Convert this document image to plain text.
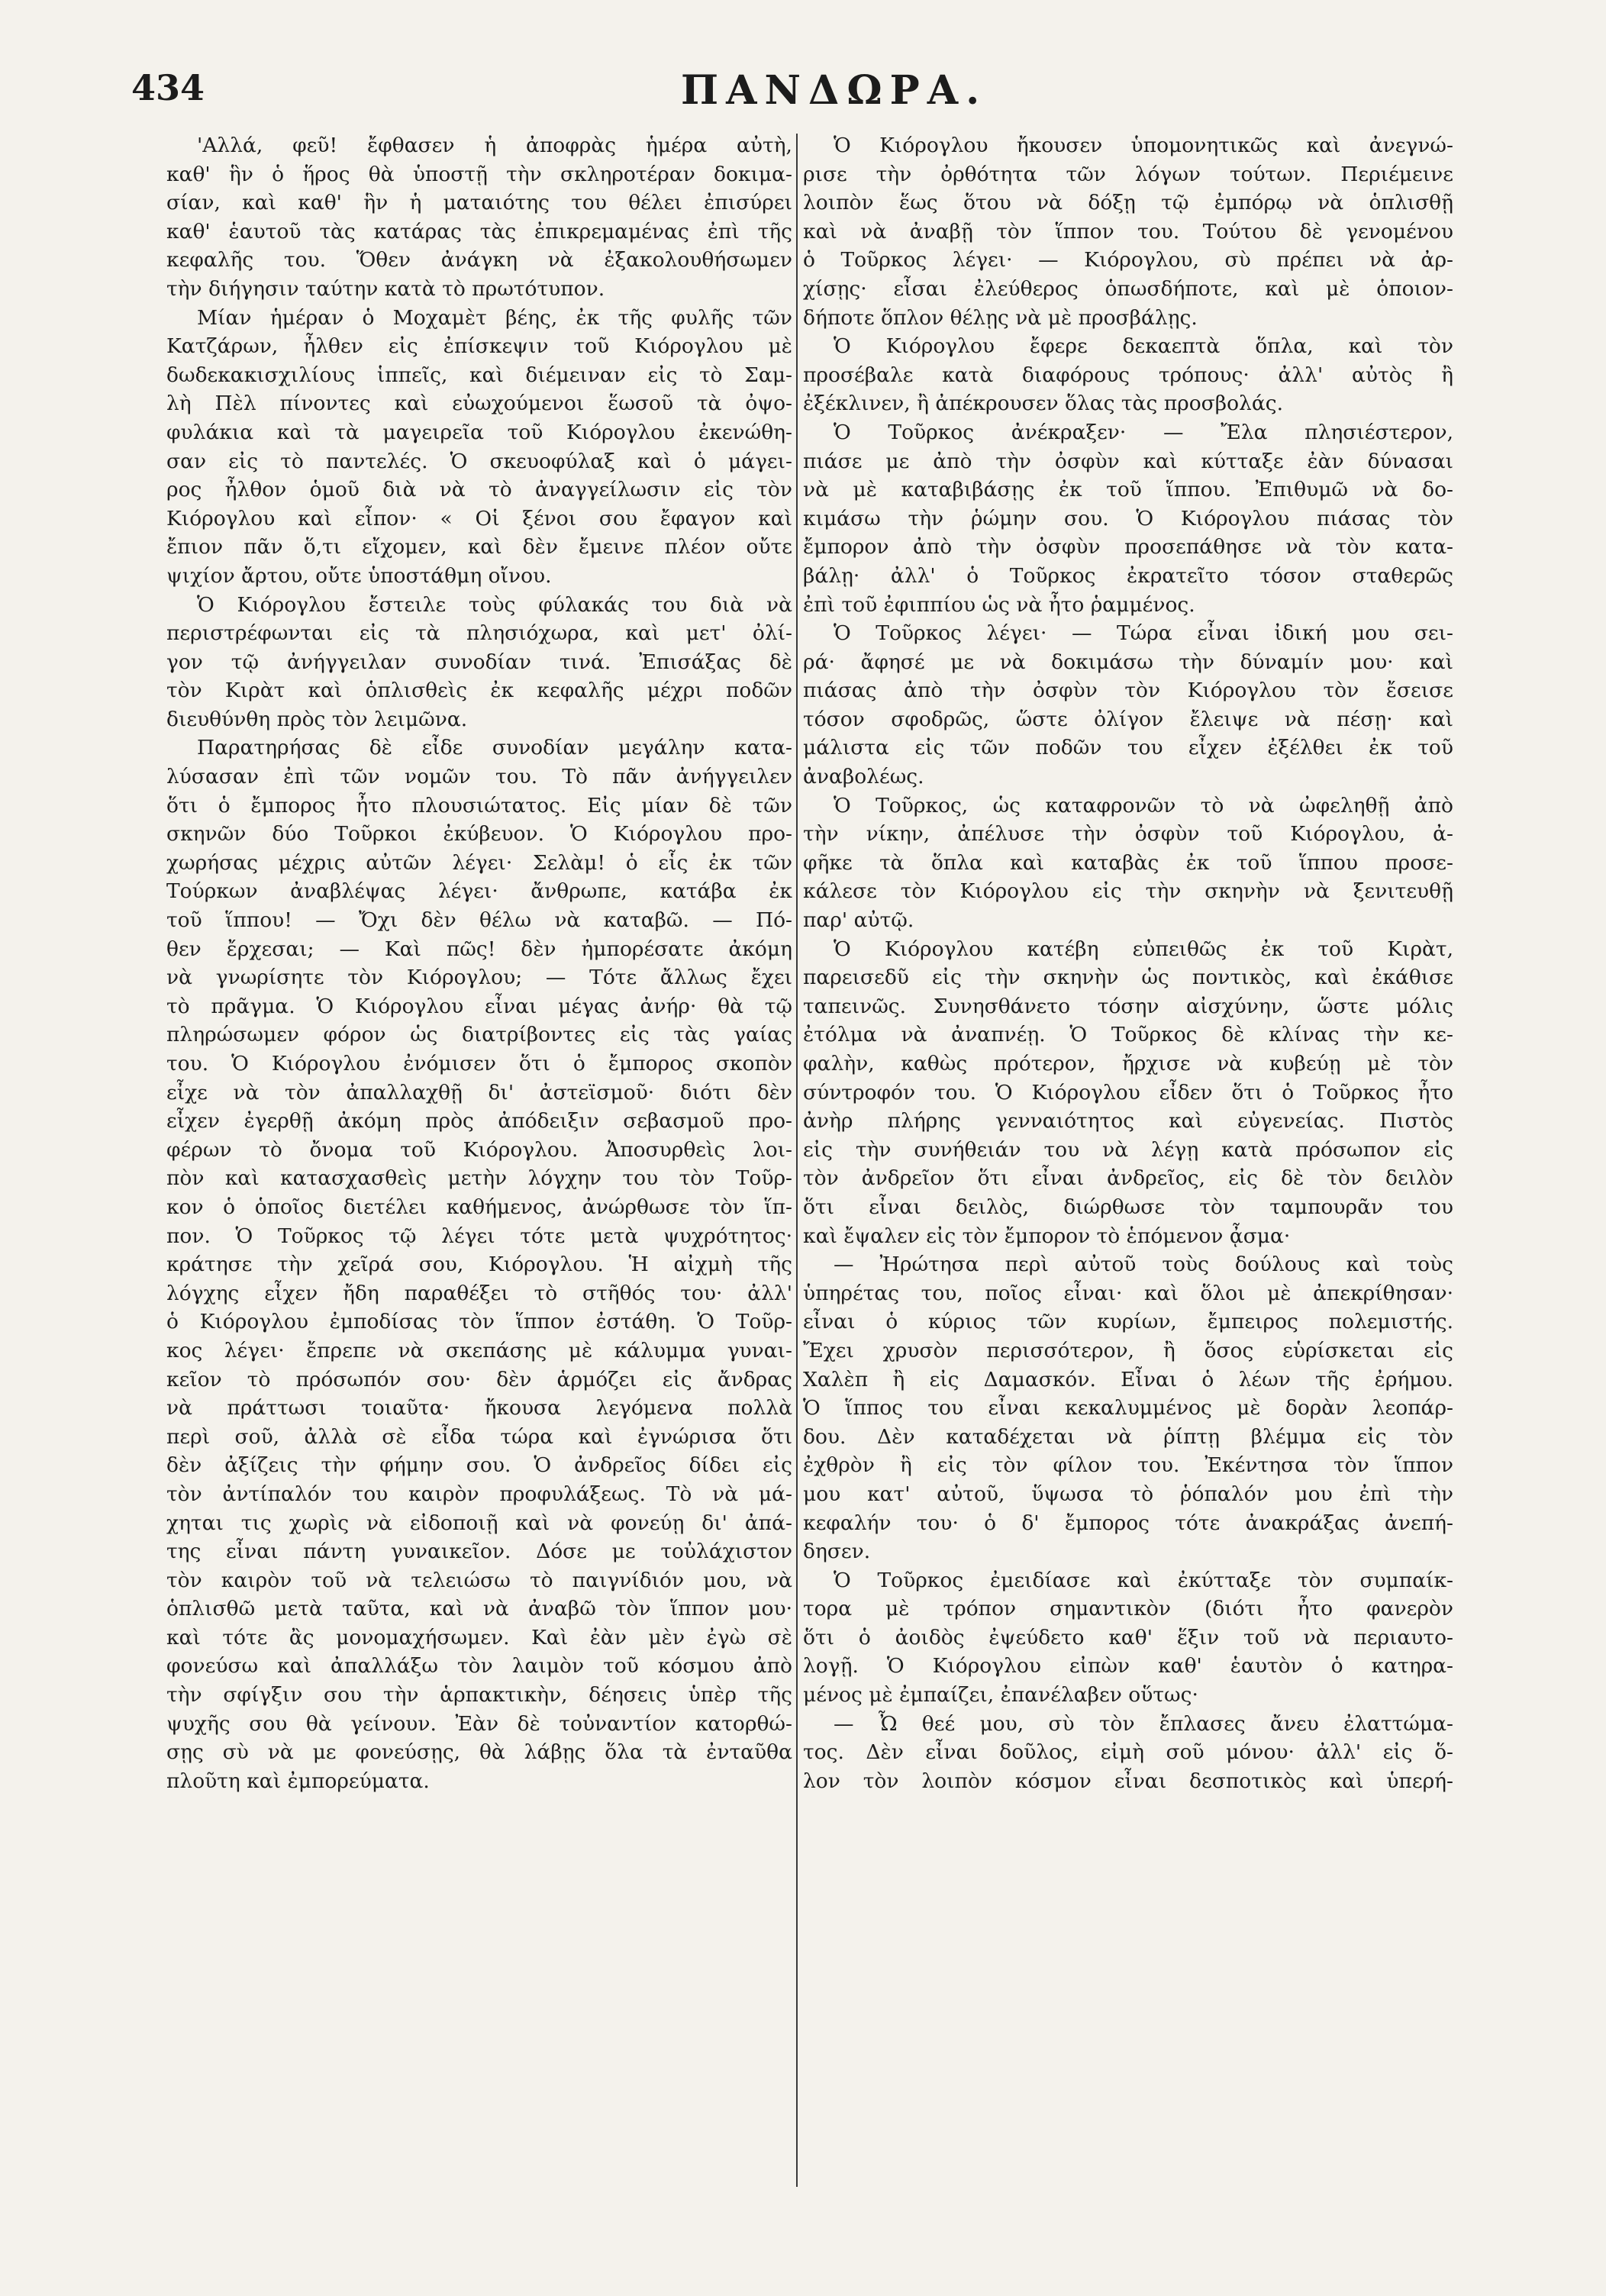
434	ΠΑΝΔΩΡΑ.
'Αλλά, φεῦ! ἔφθασεν ἡ ἀποφρὰς ἡμέρα αὐτὴ,
καθ' ἣν ὁ ἥρος θὰ ὑποστῇ τὴν σκληροτέραν δοκιμα-
σίαν, καὶ καθ' ἣν ἡ ματαιότης του θέλει ἐπισύρει
καθ' ἑαυτοῦ τὰς κατάρας τὰς ἐπικρεμαμένας ἐπὶ τῆς
κεφαλῆς του. Ὅθεν ἀνάγκη νὰ ἐξακολουθήσωμεν
τὴν διήγησιν ταύτην κατὰ τὸ πρωτότυπον.
Μίαν ἡμέραν ὁ Μοχαμὲτ βέης, ἐκ τῆς φυλῆς τῶν
Κατζάρων, ἦλθεν εἰς ἐπίσκεψιν τοῦ Κιόρογλου μὲ
δωδεκακισχιλίους ἱππεῖς, καὶ διέμειναν εἰς τὸ Σαμ-
λὴ Πὲλ πίνοντες καὶ εὐωχούμενοι ἕωσοῦ τὰ ὀψο-
φυλάκια καὶ τὰ μαγειρεῖα τοῦ Κιόρογλου ἐκενώθη-
σαν εἰς τὸ παντελές. Ὁ σκευοφύλαξ καὶ ὁ μάγει-
ρος ἦλθον ὁμοῦ διὰ νὰ τὸ ἀναγγείλωσιν εἰς τὸν
Κιόρογλου καὶ εἶπον· « Οἱ ξένοι σου ἔφαγον καὶ
ἔπιον πᾶν ὅ,τι εἴχομεν, καὶ δὲν ἔμεινε πλέον οὔτε
ψιχίον ἄρτου, οὔτε ὑποστάθμη οἴνου.
Ὁ Κιόρογλου ἔστειλε τοὺς φύλακάς του διὰ νὰ
περιστρέφωνται εἰς τὰ πλησιόχωρα, καὶ μετ' ὀλί-
γον τῷ ἀνήγγειλαν συνοδίαν τινά. Ἐπισάξας δὲ
τὸν Κιρὰτ καὶ ὁπλισθεὶς ἐκ κεφαλῆς μέχρι ποδῶν
διευθύνθη πρὸς τὸν λειμῶνα.
Παρατηρήσας δὲ εἶδε συνοδίαν μεγάλην κατα-
λύσασαν ἐπὶ τῶν νομῶν του. Τὸ πᾶν ἀνήγγειλεν
ὅτι ὁ ἔμπορος ἦτο πλουσιώτατος. Εἰς μίαν δὲ τῶν
σκηνῶν δύο Τοῦρκοι ἐκύβευον. Ὁ Κιόρογλου προ-
χωρήσας μέχρις αὐτῶν λέγει· Σελὰμ! ὁ εἷς ἐκ τῶν
Τούρκων ἀναβλέψας λέγει· ἄνθρωπε, κατάβα ἐκ
τοῦ ἵππου! — Ὄχι δὲν θέλω νὰ καταβῶ. — Πό-
θεν ἔρχεσαι; — Καὶ πῶς! δὲν ἠμπορέσατε ἀκόμη
νὰ γνωρίσητε τὸν Κιόρογλου; — Τότε ἄλλως ἔχει
τὸ πρᾶγμα. Ὁ Κιόρογλου εἶναι μέγας ἀνήρ· θὰ τῷ
πληρώσωμεν φόρον ὡς διατρίβοντες εἰς τὰς γαίας
του. Ὁ Κιόρογλου ἐνόμισεν ὅτι ὁ ἔμπορος σκοπὸν
εἶχε νὰ τὸν ἀπαλλαχθῇ δι' ἀστεϊσμοῦ· διότι δὲν
εἶχεν ἐγερθῇ ἀκόμη πρὸς ἀπόδειξιν σεβασμοῦ προ-
φέρων τὸ ὄνομα τοῦ Κιόρογλου. Ἀποσυρθεὶς λοι-
πὸν καὶ κατασχασθεὶς μετὴν λόγχην του τὸν Τοῦρ-
κον ὁ ὁποῖος διετέλει καθήμενος, ἀνώρθωσε τὸν ἵπ-
πον. Ὁ Τοῦρκος τῷ λέγει τότε μετὰ ψυχρότητος·
κράτησε τὴν χεῖρά σου, Κιόρογλου. Ἡ αἰχμὴ τῆς
λόγχης εἶχεν ἤδη παραθέξει τὸ στῆθός του· ἀλλ'
ὁ Κιόρογλου ἐμποδίσας τὸν ἵππον ἐστάθη. Ὁ Τοῦρ-
κος λέγει· ἔπρεπε νὰ σκεπάσης μὲ κάλυμμα γυναι-
κεῖον τὸ πρόσωπόν σου· δὲν ἁρμόζει εἰς ἄνδρας
νὰ πράττωσι τοιαῦτα· ἤκουσα λεγόμενα πολλὰ
περὶ σοῦ, ἀλλὰ σὲ εἶδα τώρα καὶ ἐγνώρισα ὅτι
δὲν ἀξίζεις τὴν φήμην σου. Ὁ ἀνδρεῖος δίδει εἰς
τὸν ἀντίπαλόν του καιρὸν προφυλάξεως. Τὸ νὰ μά-
χηται τις χωρὶς νὰ εἰδοποιῇ καὶ νὰ φονεύῃ δι' ἀπά-
της εἶναι πάντη γυναικεῖον. Δόσε με τοὐλάχιστον
τὸν καιρὸν τοῦ νὰ τελειώσω τὸ παιγνίδιόν μου, νὰ
ὁπλισθῶ μετὰ ταῦτα, καὶ νὰ ἀναβῶ τὸν ἵππον μου·
καὶ τότε ἂς μονομαχήσωμεν. Καὶ ἐὰν μὲν ἐγὼ σὲ
φονεύσω καὶ ἀπαλλάξω τὸν λαιμὸν τοῦ κόσμου ἀπὸ
τὴν σφίγξιν σου τὴν ἁρπακτικὴν, δέησεις ὑπὲρ τῆς
ψυχῆς σου θὰ γείνουν. Ἐὰν δὲ τοὐναντίον κατορθώ-
σῃς σὺ νὰ με φονεύσῃς, θὰ λάβῃς ὅλα τὰ ἐνταῦθα
πλοῦτη καὶ ἐμπορεύματα.
Ὁ Κιόρογλου ἤκουσεν ὑπομονητικῶς καὶ ἀνεγνώ-
ρισε τὴν ὀρθότητα τῶν λόγων τούτων. Περιέμεινε
λοιπὸν ἕως ὅτου νὰ δόξῃ τῷ ἐμπόρῳ νὰ ὁπλισθῇ
καὶ νὰ ἀναβῇ τὸν ἵππον του. Τούτου δὲ γενομένου
ὁ Τοῦρκος λέγει· — Κιόρογλου, σὺ πρέπει νὰ ἀρ-
χίσῃς· εἶσαι ἐλεύθερος ὁπωσδήποτε, καὶ μὲ ὁποιον-
δήποτε ὅπλον θέλῃς νὰ μὲ προσβάλῃς.
Ὁ Κιόρογλου ἔφερε δεκαεπτὰ ὅπλα, καὶ τὸν
προσέβαλε κατὰ διαφόρους τρόπους· ἀλλ' αὐτὸς ἢ
ἐξέκλινεν, ἢ ἀπέκρουσεν ὅλας τὰς προσβολάς.
Ὁ Τοῦρκος ἀνέκραξεν· — Ἔλα πλησιέστερον,
πιάσε με ἀπὸ τὴν ὀσφὺν καὶ κύτταξε ἐὰν δύνασαι
νὰ μὲ καταβιβάσῃς ἐκ τοῦ ἵππου. Ἐπιθυμῶ νὰ δο-
κιμάσω τὴν ῥώμην σου. Ὁ Κιόρογλου πιάσας τὸν
ἔμπορον ἀπὸ τὴν ὀσφὺν προσεπάθησε νὰ τὸν κατα-
βάλῃ· ἀλλ' ὁ Τοῦρκος ἐκρατεῖτο τόσον σταθερῶς
ἐπὶ τοῦ ἐφιππίου ὡς νὰ ἦτο ῥαμμένος.
Ὁ Τοῦρκος λέγει· — Τώρα εἶναι ἰδική μου σει-
ρά· ἄφησέ με νὰ δοκιμάσω τὴν δύναμίν μου· καὶ
πιάσας ἀπὸ τὴν ὀσφὺν τὸν Κιόρογλου τὸν ἔσεισε
τόσον σφοδρῶς, ὥστε ὀλίγον ἔλειψε νὰ πέσῃ· καὶ
μάλιστα εἰς τῶν ποδῶν του εἶχεν ἐξέλθει ἐκ τοῦ
ἀναβολέως.
Ὁ Τοῦρκος, ὡς καταφρονῶν τὸ νὰ ὠφεληθῇ ἀπὸ
τὴν νίκην, ἀπέλυσε τὴν ὀσφὺν τοῦ Κιόρογλου, ἀ-
φῆκε τὰ ὅπλα καὶ καταβὰς ἐκ τοῦ ἵππου προσε-
κάλεσε τὸν Κιόρογλου εἰς τὴν σκηνὴν νὰ ξενιτευθῇ
παρ' αὐτῷ.
Ὁ Κιόρογλου κατέβη εὐπειθῶς ἐκ τοῦ Κιρὰτ,
παρεισεδῦ εἰς τὴν σκηνὴν ὡς ποντικὸς, καὶ ἐκάθισε
ταπεινῶς. Συνησθάνετο τόσην αἰσχύνην, ὥστε μόλις
ἐτόλμα νὰ ἀναπνέῃ. Ὁ Τοῦρκος δὲ κλίνας τὴν κε-
φαλὴν, καθὼς πρότερον, ἤρχισε νὰ κυβεύῃ μὲ τὸν
σύντροφόν του. Ὁ Κιόρογλου εἶδεν ὅτι ὁ Τοῦρκος ἦτο
ἀνὴρ πλήρης γενναιότητος καὶ εὐγενείας. Πιστὸς
εἰς τὴν συνήθειάν του νὰ λέγῃ κατὰ πρόσωπον εἰς
τὸν ἀνδρεῖον ὅτι εἶναι ἀνδρεῖος, εἰς δὲ τὸν δειλὸν
ὅτι εἶναι δειλὸς, διώρθωσε τὸν ταμπουρᾶν του
καὶ ἔψαλεν εἰς τὸν ἔμπορον τὸ ἑπόμενον ᾆσμα·
— Ἠρώτησα περὶ αὐτοῦ τοὺς δούλους καὶ τοὺς
ὑπηρέτας του, ποῖος εἶναι· καὶ ὅλοι μὲ ἀπεκρίθησαν·
εἶναι ὁ κύριος τῶν κυρίων, ἔμπειρος πολεμιστής.
Ἔχει χρυσὸν περισσότερον, ἢ ὅσος εὑρίσκεται εἰς
Χαλὲπ ἢ εἰς Δαμασκόν. Εἶναι ὁ λέων τῆς ἐρήμου.
Ὁ ἵππος του εἶναι κεκαλυμμένος μὲ δορὰν λεοπάρ-
δου. Δὲν καταδέχεται νὰ ῥίπτῃ βλέμμα εἰς τὸν
ἐχθρὸν ἢ εἰς τὸν φίλον του. Ἐκέντησα τὸν ἵππον
μου κατ' αὐτοῦ, ὕψωσα τὸ ῥόπαλόν μου ἐπὶ τὴν
κεφαλήν του· ὁ δ' ἔμπορος τότε ἀνακράξας ἀνεπή-
δησεν.
Ὁ Τοῦρκος ἐμειδίασε καὶ ἐκύτταξε τὸν συμπαίκ-
τορα μὲ τρόπον σημαντικὸν (διότι ἦτο φανερὸν
ὅτι ὁ ἀοιδὸς ἐψεύδετο καθ' ἕξιν τοῦ νὰ περιαυτο-
λογῇ. Ὁ Κιόρογλου εἰπὼν καθ' ἑαυτὸν ὁ κατηρα-
μένος μὲ ἐμπαίζει, ἐπανέλαβεν οὕτως·
— Ὦ θεέ μου, σὺ τὸν ἔπλασες ἄνευ ἐλαττώμα-
τος. Δὲν εἶναι δοῦλος, εἰμὴ σοῦ μόνου· ἀλλ' εἰς ὅ-
λον τὸν λοιπὸν κόσμον εἶναι δεσποτικὸς καὶ ὑπερή-
